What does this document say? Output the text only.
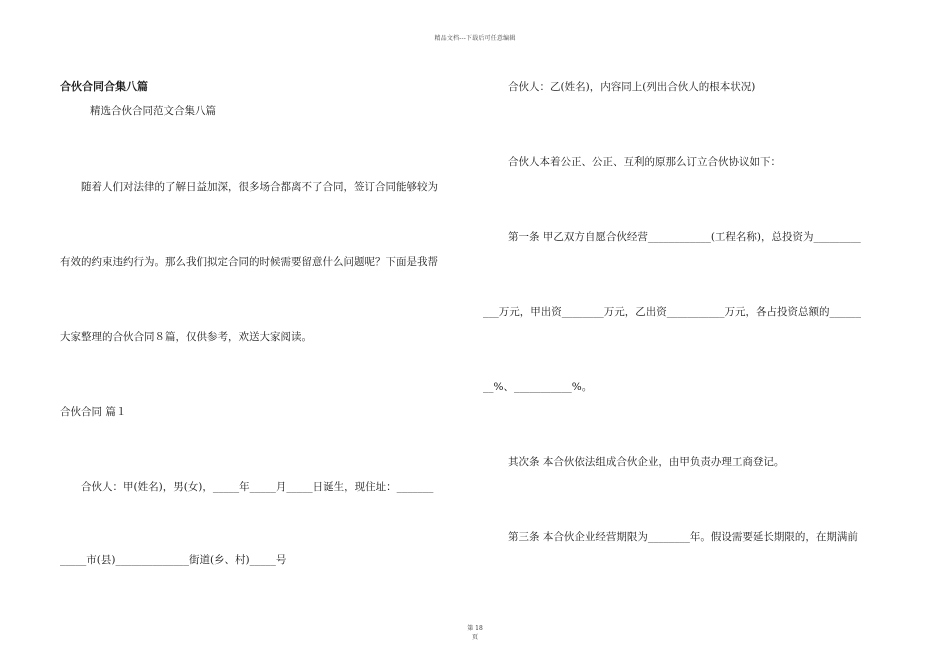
精品文档---下载后可任意编辑
合伙合同合集八篇
精选合伙合同范文合集八篇
随着人们对法律的了解日益加深，很多场合都离不了合同，签订合同能够较为
有效的约束违约行为。那么我们拟定合同的时候需要留意什么问题呢？下面是我帮
大家整理的合伙合同８篇，仅供参考，欢送大家阅读。
合伙合同 篇１
合伙人：甲(姓名)，男(女)，_____年_____月_____日诞生，现住址：_______
_____市(县)______________街道(乡、村)_____号
合伙人：乙(姓名)，内容同上(列出合伙人的根本状况)
合伙人本着公正、公正、互利的原那么订立合伙协议如下：
第一条 甲乙双方自愿合伙经营____________(工程名称)，总投资为_________
___万元，甲出资________万元，乙出资___________万元，各占投资总额的______
__%、___________%。
其次条 本合伙依法组成合伙企业，由甲负责办理工商登记。
第三条 本合伙企业经营期限为________年。假设需要延长期限的，在期满前
第 18
页
